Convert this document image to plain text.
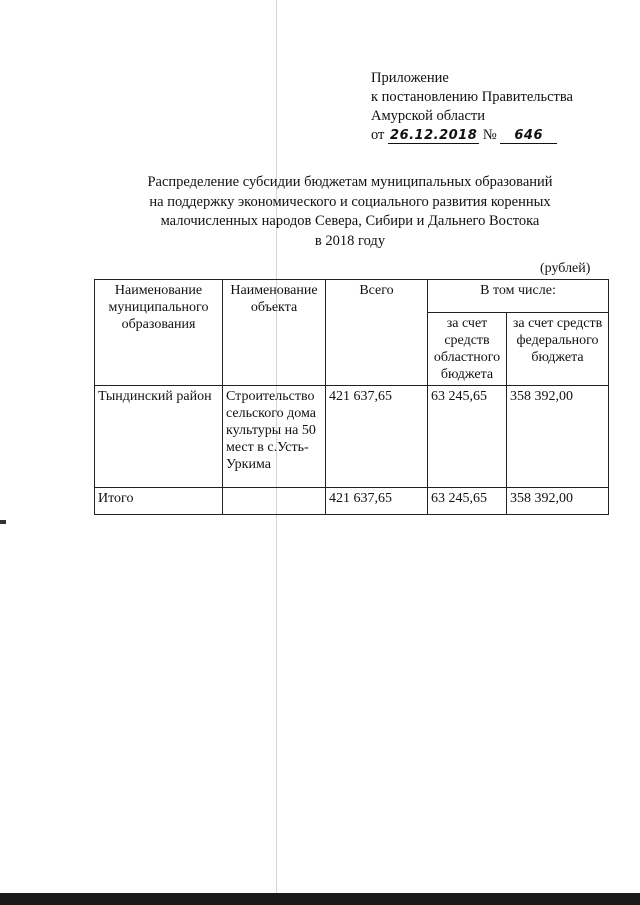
Приложение
к постановлению Правительства
Амурской области
от 26.12.2018 № 646
Распределение субсидии бюджетам муниципальных образований
на поддержку экономического и социального развития коренных
малочисленных народов Севера, Сибири и Дальнего Востока
в 2018 году
(рублей)
Наименование муниципального образования	Наименование объекта	Всего	В том числе:	
			за счет средств областного бюджета	за счет средств федерального бюджета
Тындинский район	Строительство сельского дома культуры на 50 мест в с.Усть-Уркима	421 637,65	63 245,65	358 392,00
Итого		421 637,65	63 245,65	358 392,00
